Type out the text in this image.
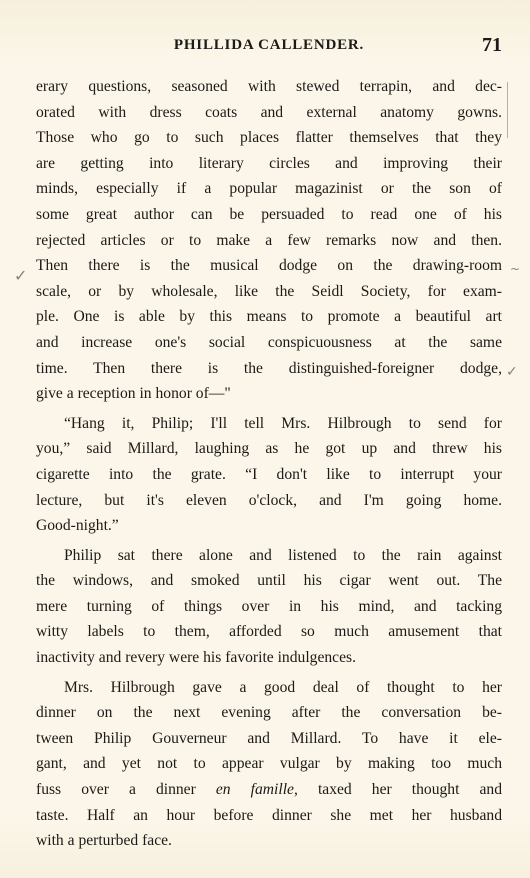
PHILLIDA CALLENDER.	71
✓	~
✓
erary questions, seasoned with stewed terrapin, and dec-
orated with dress coats and external anatomy gowns.
Those who go to such places flatter themselves that they
are getting into literary circles and improving their
minds, especially if a popular magazinist or the son of
some great author can be persuaded to read one of his
rejected articles or to make a few remarks now and then.
Then there is the musical dodge on the drawing-room
scale, or by wholesale, like the Seidl Society, for exam-
ple. One is able by this means to promote a beautiful art
and increase one's social conspicuousness at the same
time. Then there is the distinguished-foreigner dodge,
give a reception in honor of—"
“Hang it, Philip; I'll tell Mrs. Hilbrough to send for
you,” said Millard, laughing as he got up and threw his
cigarette into the grate. “I don't like to interrupt your
lecture, but it's eleven o'clock, and I'm going home.
Good-night.”
Philip sat there alone and listened to the rain against
the windows, and smoked until his cigar went out. The
mere turning of things over in his mind, and tacking
witty labels to them, afforded so much amusement that
inactivity and revery were his favorite indulgences.
Mrs. Hilbrough gave a good deal of thought to her
dinner on the next evening after the conversation be-
tween Philip Gouverneur and Millard. To have it ele-
gant, and yet not to appear vulgar by making too much
fuss over a dinner en famille, taxed her thought and
taste. Half an hour before dinner she met her husband
with a perturbed face.
